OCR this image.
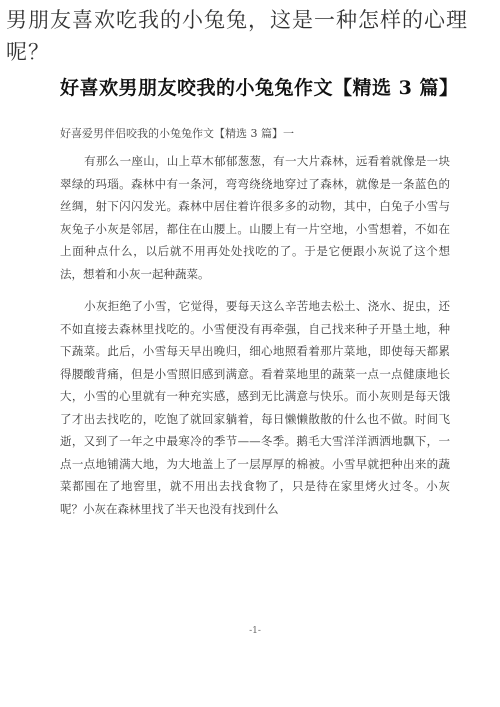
男朋友喜欢吃我的小兔兔，这是一种怎样的心理呢？
好喜欢男朋友咬我的小兔兔作文【精选 3 篇】
好喜爱男伴侣咬我的小兔兔作文【精选 3 篇】一

有那么一座山，山上草木郁郁葱葱，有一大片森林，远看着就像是一块翠绿的玛瑙。森林中有一条河，弯弯绕绕地穿过了森林，就像是一条蓝色的丝绸，射下闪闪发光。森林中居住着许很多多的动物，其中，白兔子小雪与灰兔子小灰是邻居，都住在山腰上。山腰上有一片空地，小雪想着，不如在上面种点什么，以后就不用再处处找吃的了。于是它便跟小灰说了这个想法，想着和小灰一起种蔬菜。

小灰拒绝了小雪，它觉得，要每天这么辛苦地去松土、浇水、捉虫，还不如直接去森林里找吃的。小雪便没有再牵强，自己找来种子开垦土地，种下蔬菜。此后，小雪每天早出晚归，细心地照看着那片菜地，即使每天都累得腰酸背痛，但是小雪照旧感到满意。看着菜地里的蔬菜一点一点健康地长大，小雪的心里就有一种充实感，感到无比满意与快乐。而小灰则是每天饿了才出去找吃的，吃饱了就回家躺着，每日懒懒散散的什么也不做。时间飞逝，又到了一年之中最寒冷的季节——冬季。鹅毛大雪洋洋洒洒地飘下，一点一点地铺满大地，为大地盖上了一层厚厚的棉被。小雪早就把种出来的蔬菜都囤在了地窖里，就不用出去找食物了，只是待在家里烤火过冬。小灰呢？小灰在森林里找了半天也没有找到什么

-1-
